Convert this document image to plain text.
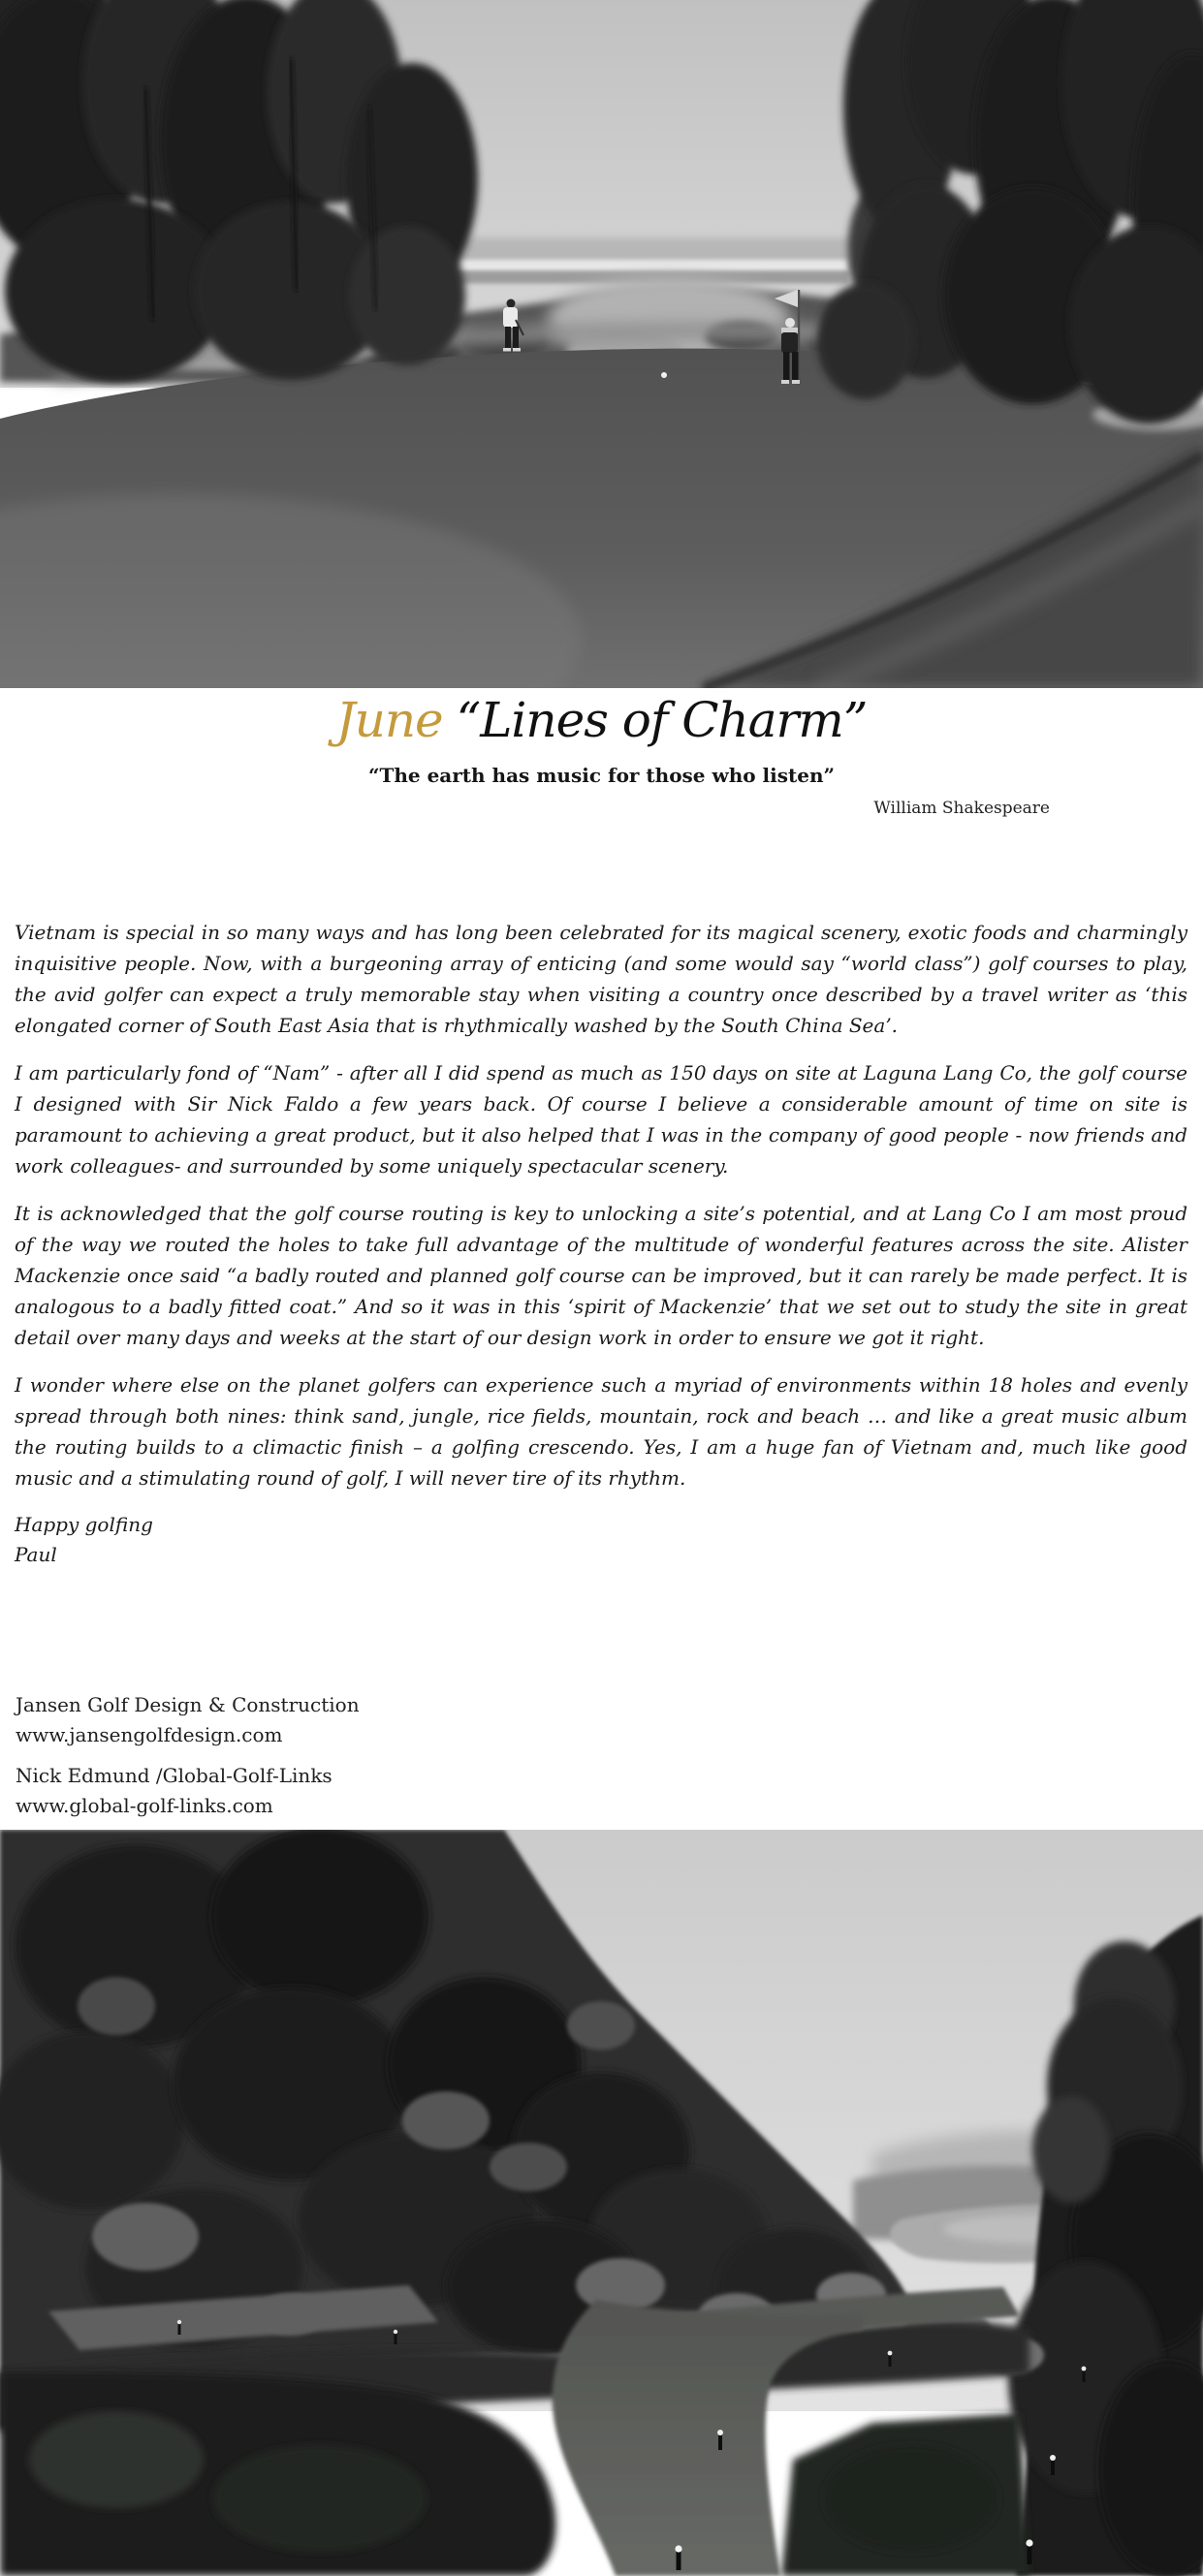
June “Lines of Charm”
“The earth has music for those who listen”
William Shakespeare

Vietnam is special in so many ways and has long been celebrated for its magical scenery, exotic foods and charmingly inquisitive people. Now, with a burgeoning array of enticing (and some would say “world class”) golf courses to play, the avid golfer can expect a truly memorable stay when visiting a country once described by a travel writer as ‘this elongated corner of South East Asia that is rhythmically washed by the South China Sea’.

I am particularly fond of “Nam” - after all I did spend as much as 150 days on site at Laguna Lang Co, the golf course I designed with Sir Nick Faldo a few years back. Of course I believe a considerable amount of time on site is paramount to achieving a great product, but it also helped that I was in the company of good people - now friends and work colleagues- and surrounded by some uniquely spectacular scenery.

It is acknowledged that the golf course routing is key to unlocking a site’s potential, and at Lang Co I am most proud of the way we routed the holes to take full advantage of the multitude of wonderful features across the site. Alister Mackenzie once said “a badly routed and planned golf course can be improved, but it can rarely be made perfect. It is analogous to a badly fitted coat.” And so it was in this ‘spirit of Mackenzie’ that we set out to study the site in great detail over many days and weeks at the start of our design work in order to ensure we got it right.

I wonder where else on the planet golfers can experience such a myriad of environments within 18 holes and evenly spread through both nines: think sand, jungle, rice fields, mountain, rock and beach … and like a great music album the routing builds to a climactic finish – a golfing crescendo. Yes, I am a huge fan of Vietnam and, much like good music and a stimulating round of golf, I will never tire of its rhythm.

Happy golfing
Paul
Jansen Golf Design & Construction
www.jansengolfdesign.com
Nick Edmund /Global-Golf-Links
www.global-golf-links.com
